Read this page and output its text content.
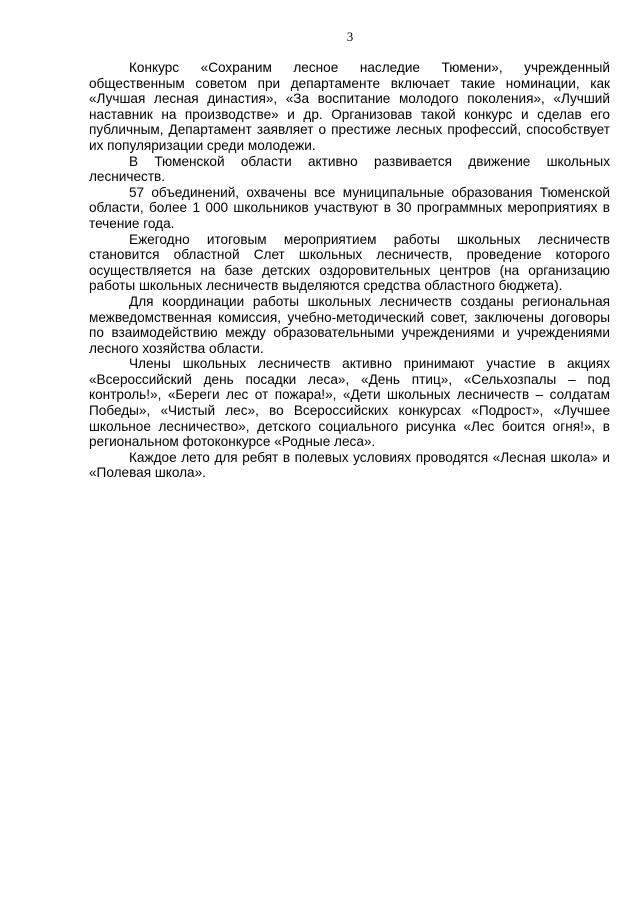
3

Конкурс «Сохраним лесное наследие Тюмени», учрежденный общественным советом при департаменте включает такие номинации, как «Лучшая лесная династия», «За воспитание молодого поколения», «Лучший наставник на производстве» и др. Организовав такой конкурс и сделав его публичным, Департамент заявляет о престиже лесных профессий, способствует их популяризации среди молодежи.

В Тюменской области активно развивается движение школьных лесничеств.

57 объединений, охвачены все муниципальные образования Тюменской области, более 1 000 школьников участвуют в 30 программных мероприятиях в течение года.

Ежегодно итоговым мероприятием работы школьных лесничеств становится областной Слет школьных лесничеств, проведение которого осуществляется на базе детских оздоровительных центров (на организацию работы школьных лесничеств выделяются средства областного бюджета).

Для координации работы школьных лесничеств созданы региональная межведомственная комиссия, учебно-методический совет, заключены договоры по взаимодействию между образовательными учреждениями и учреждениями лесного хозяйства области.

Члены школьных лесничеств активно принимают участие в акциях «Всероссийский день посадки леса», «День птиц», «Сельхозпалы – под контроль!», «Береги лес от пожара!», «Дети школьных лесничеств – солдатам Победы», «Чистый лес», во Всероссийских конкурсах «Подрост», «Лучшее школьное лесничество», детского социального рисунка «Лес боится огня!», в региональном фотоконкурсе «Родные леса».

Каждое лето для ребят в полевых условиях проводятся «Лесная школа» и «Полевая школа».
